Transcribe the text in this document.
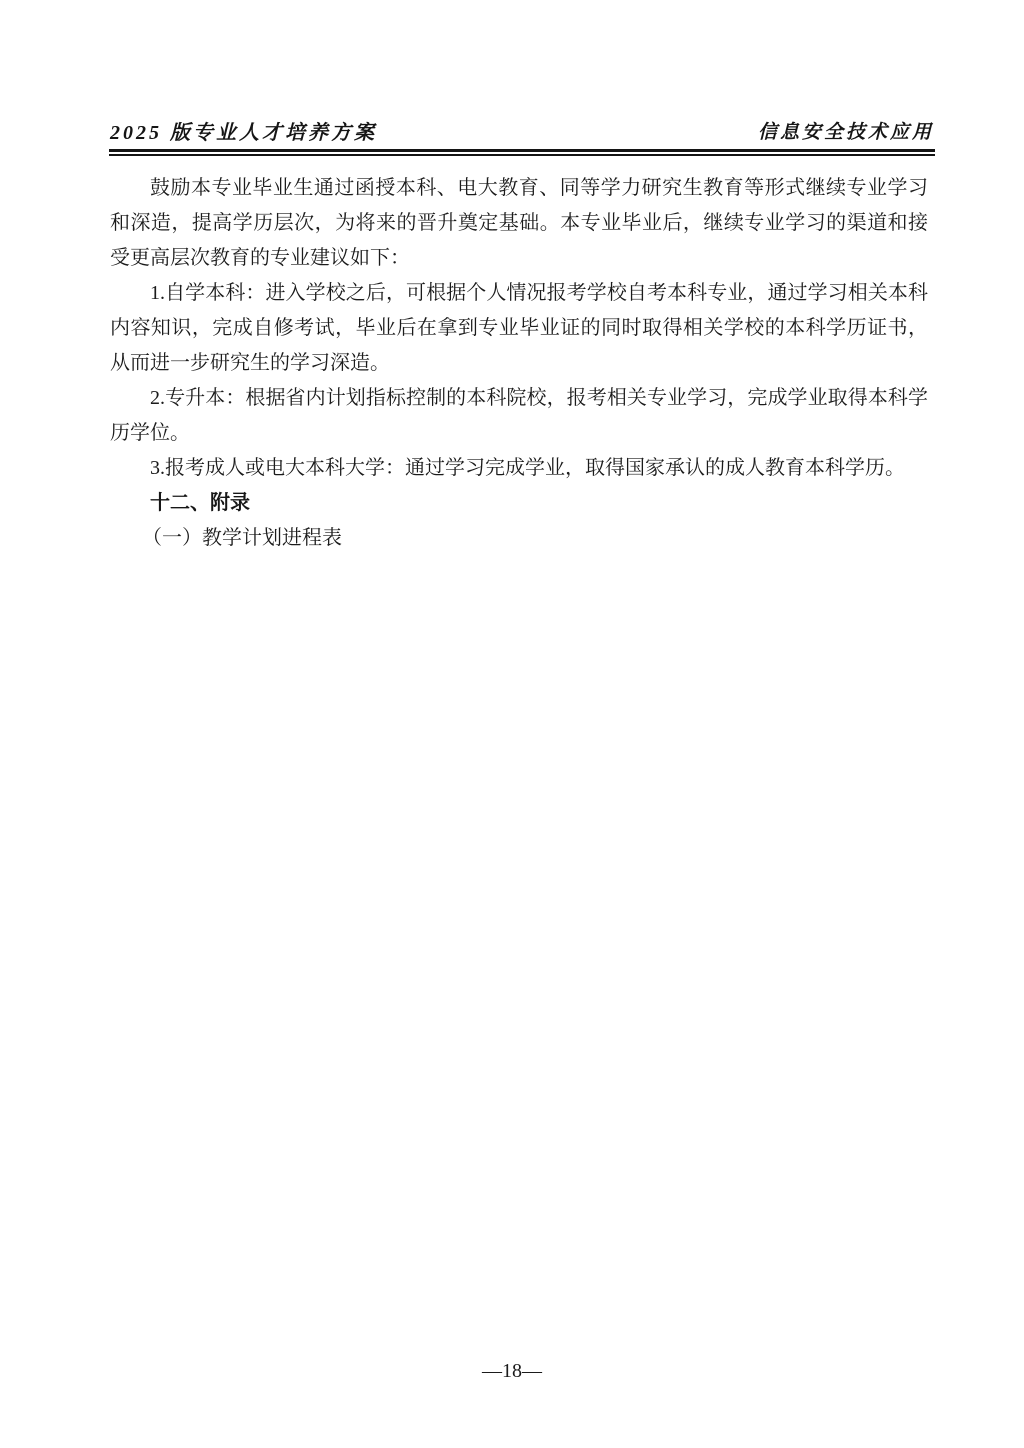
2025 版专业人才培养方案	信息安全技术应用

鼓励本专业毕业生通过函授本科、电大教育、同等学力研究生教育等形式继续专业学习和深造，提高学历层次，为将来的晋升奠定基础。本专业毕业后，继续专业学习的渠道和接受更高层次教育的专业建议如下：

1.自学本科：进入学校之后，可根据个人情况报考学校自考本科专业，通过学习相关本科内容知识，完成自修考试，毕业后在拿到专业毕业证的同时取得相关学校的本科学历证书，从而进一步研究生的学习深造。

2.专升本：根据省内计划指标控制的本科院校，报考相关专业学习，完成学业取得本科学历学位。

3.报考成人或电大本科大学：通过学习完成学业，取得国家承认的成人教育本科学历。

十二、附录

（一）教学计划进程表

—18—
